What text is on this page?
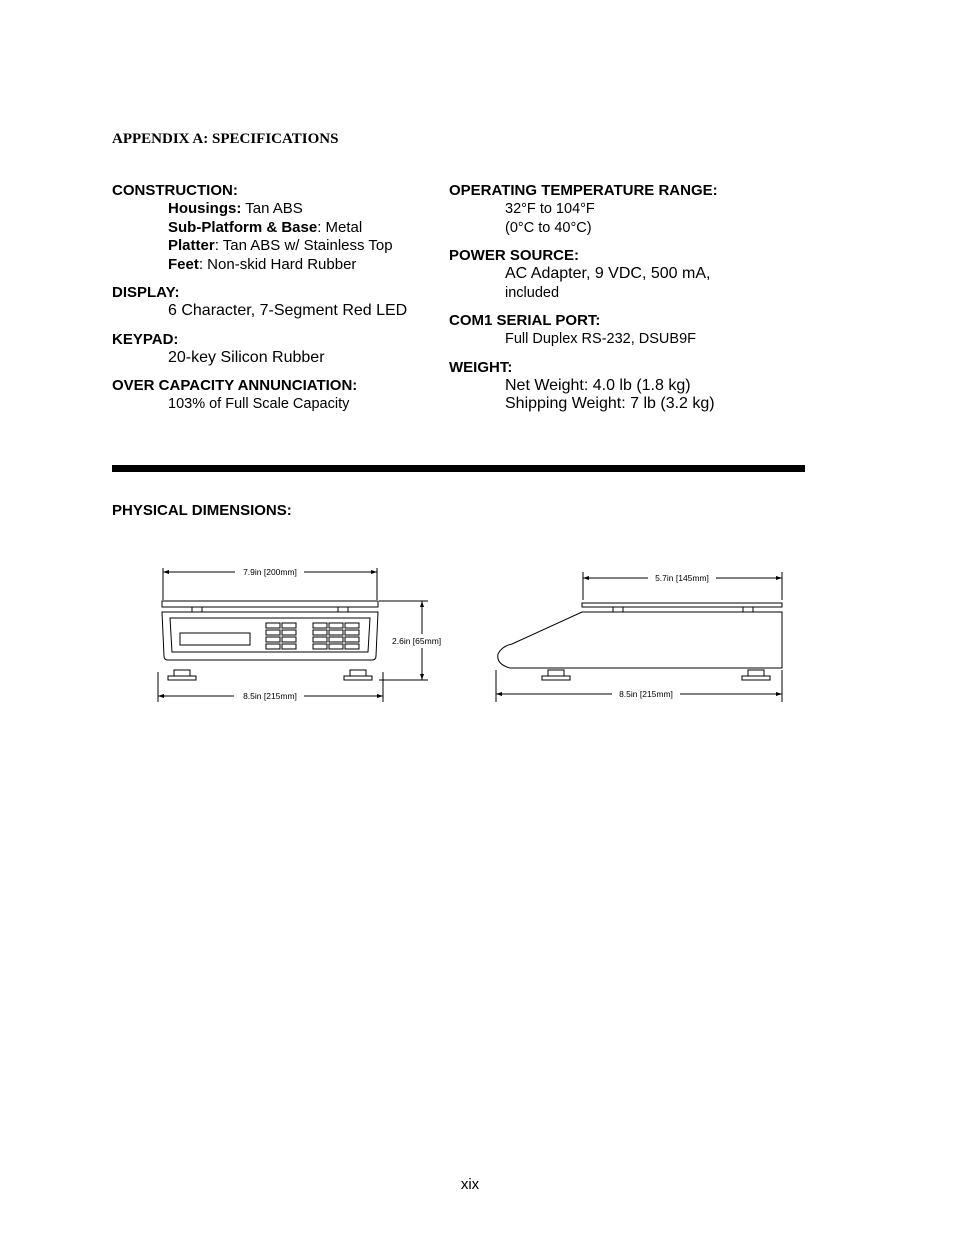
APPENDIX A: SPECIFICATIONS
CONSTRUCTION:
Housings: Tan ABS
Sub-Platform & Base: Metal
Platter: Tan ABS w/ Stainless Top
Feet: Non-skid Hard Rubber
DISPLAY:
6 Character, 7-Segment Red LED
KEYPAD:
20-key Silicon Rubber
OVER CAPACITY ANNUNCIATION:
103% of Full Scale Capacity
OPERATING TEMPERATURE RANGE:
32°F to 104°F
(0°C to 40°C)
POWER SOURCE:
AC Adapter, 9 VDC, 500 mA,
included
COM1 SERIAL PORT:
Full Duplex RS-232, DSUB9F
WEIGHT:
Net Weight: 4.0 lb (1.8 kg)
Shipping Weight: 7 lb (3.2 kg)
PHYSICAL DIMENSIONS:
7.9in [200mm]
2.6in [65mm]
8.5in [215mm]
5.7in [145mm]
8.5in [215mm]
xix
